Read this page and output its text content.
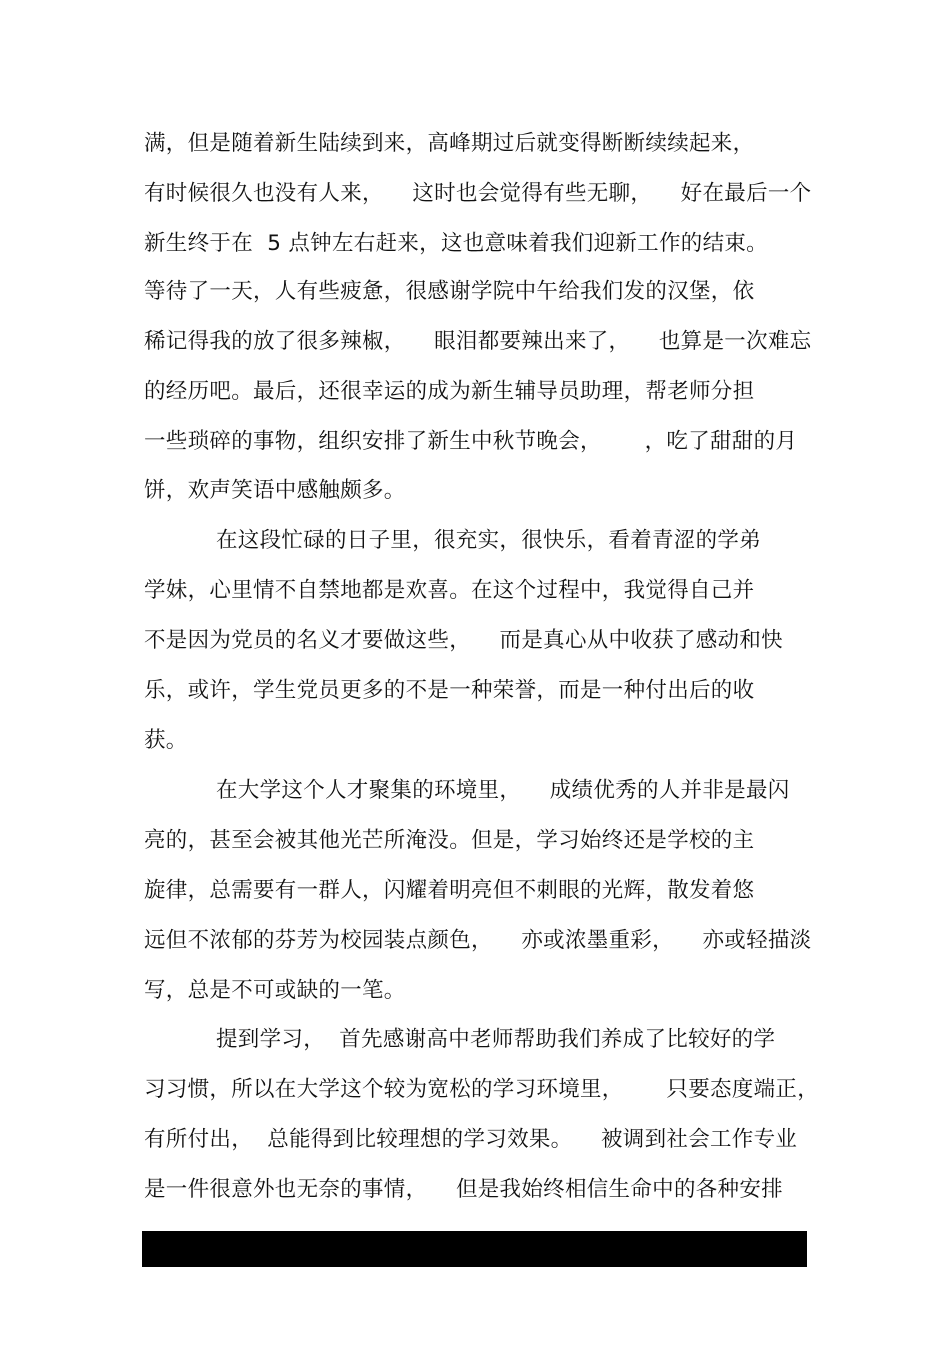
满，但是随着新生陆续到来，高峰期过后就变得断断续续起来，
有时候很久也没有人来，    这时也会觉得有些无聊，    好在最后一个
新生终于在  5 点钟左右赶来，这也意味着我们迎新工作的结束。
等待了一天，人有些疲惫，很感谢学院中午给我们发的汉堡，依
稀记得我的放了很多辣椒，    眼泪都要辣出来了，    也算是一次难忘
的经历吧。最后，还很幸运的成为新生辅导员助理，帮老师分担
一些琐碎的事物，组织安排了新生中秋节晚会，      ，吃了甜甜的月
饼，欢声笑语中感触颇多。
在这段忙碌的日子里，很充实，很快乐，看着青涩的学弟
学妹，心里情不自禁地都是欢喜。在这个过程中，我觉得自己并
不是因为党员的名义才要做这些，    而是真心从中收获了感动和快
乐，或许，学生党员更多的不是一种荣誉，而是一种付出后的收
获。
在大学这个人才聚集的环境里，    成绩优秀的人并非是最闪
亮的，甚至会被其他光芒所淹没。但是，学习始终还是学校的主
旋律，总需要有一群人，闪耀着明亮但不刺眼的光辉，散发着悠
远但不浓郁的芬芳为校园装点颜色，    亦或浓墨重彩，    亦或轻描淡
写，总是不可或缺的一笔。
提到学习，  首先感谢高中老师帮助我们养成了比较好的学
习习惯，所以在大学这个较为宽松的学习环境里，      只要态度端正，
有所付出，  总能得到比较理想的学习效果。    被调到社会工作专业
是一件很意外也无奈的事情，    但是我始终相信生命中的各种安排
